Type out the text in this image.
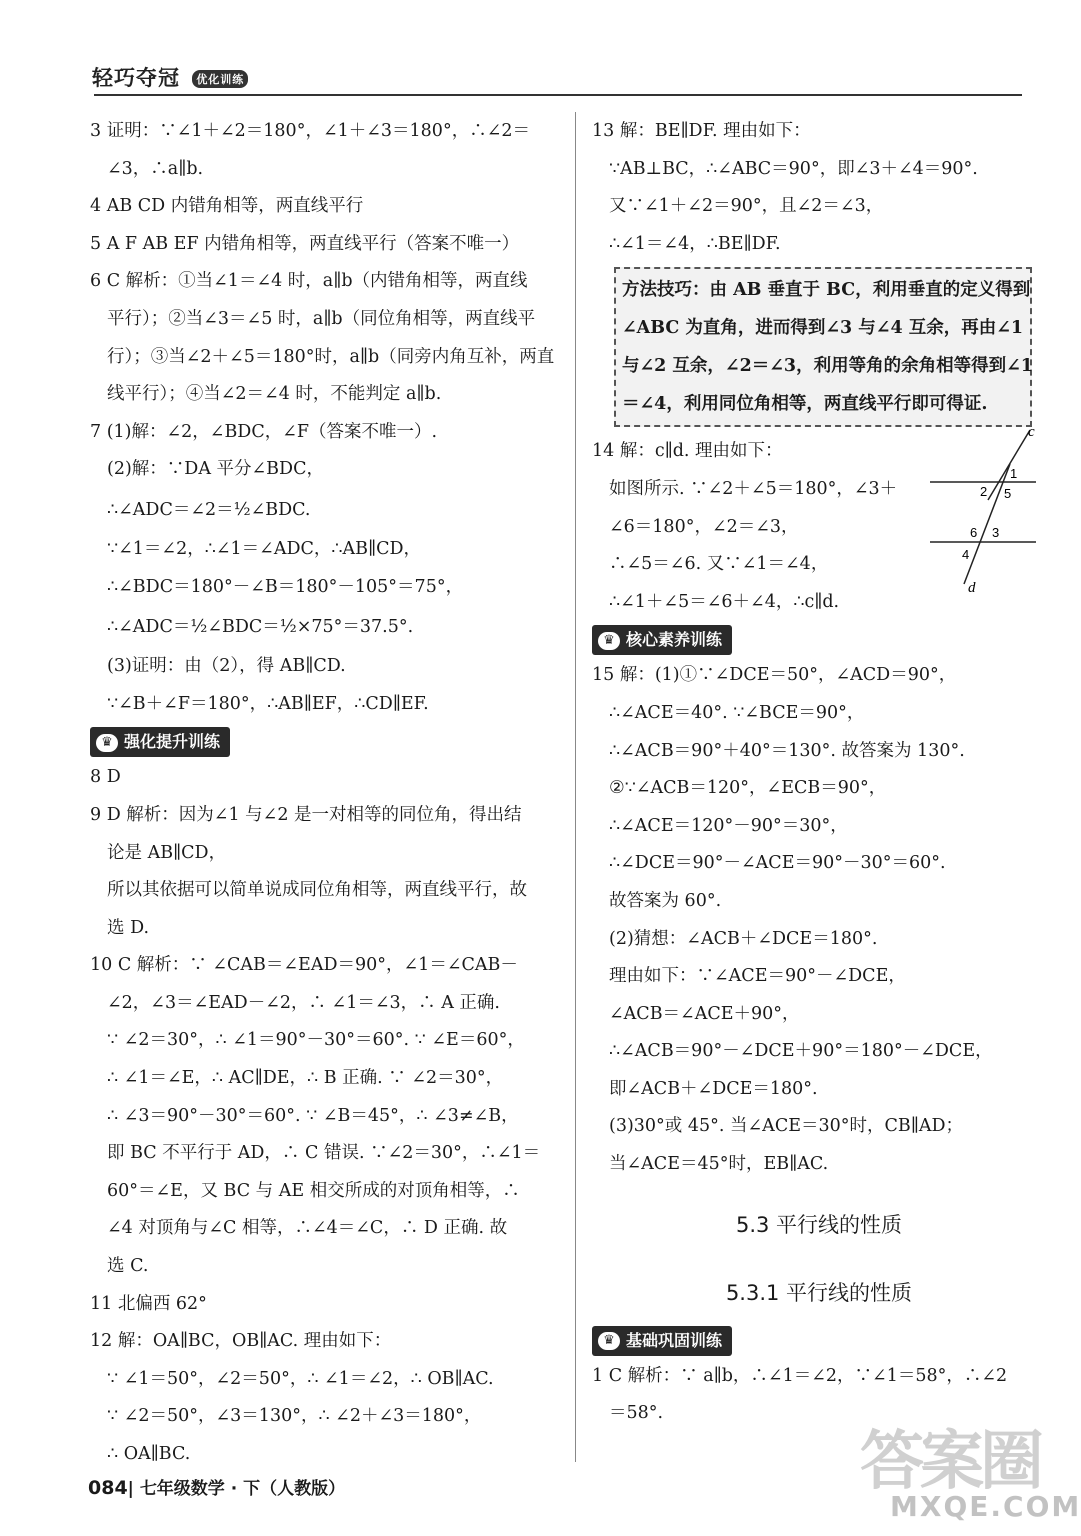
轻巧夺冠 优化训练
3 证明：∵∠1＋∠2＝180°，∠1＋∠3＝180°，∴∠2＝
∠3，∴a∥b.
4 AB CD 内错角相等，两直线平行
5 A F AB EF 内错角相等，两直线平行（答案不唯一）
6 C 解析：①当∠1＝∠4 时，a∥b（内错角相等，两直线
平行）；②当∠3＝∠5 时，a∥b（同位角相等，两直线平
行）；③当∠2＋∠5＝180°时，a∥b（同旁内角互补，两直
线平行）；④当∠2＝∠4 时，不能判定 a∥b.
7 (1)解：∠2，∠BDC，∠F（答案不唯一）.
(2)解：∵DA 平分∠BDC，
∴∠ADC＝∠2＝½∠BDC.
∵∠1＝∠2，∴∠1＝∠ADC，∴AB∥CD，
∴∠BDC＝180°－∠B＝180°－105°＝75°，
∴∠ADC＝½∠BDC＝½×75°＝37.5°.
(3)证明：由（2），得 AB∥CD.
∵∠B＋∠F＝180°，∴AB∥EF，∴CD∥EF.
♛ 强化提升训练
8 D
9 D 解析：因为∠1 与∠2 是一对相等的同位角，得出结
论是 AB∥CD，
所以其依据可以简单说成同位角相等，两直线平行，故
选 D.
10 C 解析：∵ ∠CAB＝∠EAD＝90°，∠1＝∠CAB－
∠2，∠3＝∠EAD－∠2，∴ ∠1＝∠3，∴ A 正确.
∵ ∠2＝30°，∴ ∠1＝90°－30°＝60°. ∵ ∠E＝60°，
∴ ∠1＝∠E，∴ AC∥DE，∴ B 正确. ∵ ∠2＝30°，
∴ ∠3＝90°－30°＝60°. ∵ ∠B＝45°，∴ ∠3≠∠B，
即 BC 不平行于 AD，∴ C 错误. ∵∠2＝30°，∴∠1＝
60°＝∠E，又 BC 与 AE 相交所成的对顶角相等，∴
∠4 对顶角与∠C 相等，∴∠4＝∠C，∴ D 正确. 故
选 C.
11 北偏西 62°
12 解：OA∥BC，OB∥AC. 理由如下：
∵ ∠1＝50°，∠2＝50°，∴ ∠1＝∠2，∴ OB∥AC.
∵ ∠2＝50°，∠3＝130°，∴ ∠2＋∠3＝180°，
∴ OA∥BC.
13 解：BE∥DF. 理由如下：
∵AB⊥BC，∴∠ABC＝90°，即∠3＋∠4＝90°.
又∵∠1＋∠2＝90°，且∠2＝∠3，
∴∠1＝∠4，∴BE∥DF.
方法技巧：由 AB 垂直于 BC，利用垂直的定义得到
∠ABC 为直角，进而得到∠3 与∠4 互余，再由∠1
与∠2 互余，∠2＝∠3，利用等角的余角相等得到∠1
＝∠4，利用同位角相等，两直线平行即可得证.
14 解：c∥d. 理由如下：
如图所示. ∵∠2＋∠5＝180°，∠3＋
∠6＝180°，∠2＝∠3，
∴∠5＝∠6. 又∵∠1＝∠4，
∴∠1＋∠5＝∠6＋∠4，∴c∥d.
♛ 核心素养训练
15 解：(1)①∵∠DCE＝50°，∠ACD＝90°，
∴∠ACE＝40°. ∵∠BCE＝90°，
∴∠ACB＝90°＋40°＝130°. 故答案为 130°.
②∵∠ACB＝120°，∠ECB＝90°，
∴∠ACE＝120°－90°＝30°，
∴∠DCE＝90°－∠ACE＝90°－30°＝60°.
故答案为 60°.
(2)猜想：∠ACB＋∠DCE＝180°.
理由如下：∵∠ACE＝90°－∠DCE，
∠ACB＝∠ACE＋90°，
∴∠ACB＝90°－∠DCE＋90°＝180°－∠DCE，
即∠ACB＋∠DCE＝180°.
(3)30°或 45°. 当∠ACE＝30°时，CB∥AD；
当∠ACE＝45°时，EB∥AC.
5.3 平行线的性质
5.3.1 平行线的性质
♛ 基础巩固训练
1 C 解析：∵ a∥b，∴∠1＝∠2，∵∠1＝58°，∴∠2
＝58°.
c
d
1
2 5
6 3
4
084| 七年级数学 · 下（人教版）	答案圈
MXQE.COM
